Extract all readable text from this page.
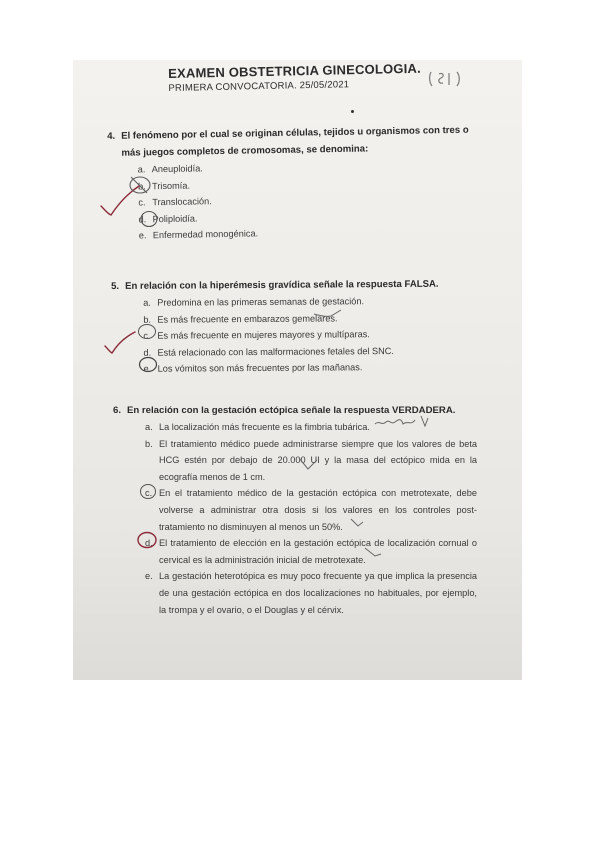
EXAMEN OBSTETRICIA GINECOLOGIA.
PRIMERA CONVOCATORIA. 25/05/2021
4. El fenómeno por el cual se originan células, tejidos u organismos con tres o
más juegos completos de cromosomas, se denomina:
a. Aneuploidía.
b. Trisomía.
c. Translocación.
d. Poliploidía.
e. Enfermedad monogénica.
5. En relación con la hiperémesis gravídica señale la respuesta FALSA.
a. Predomina en las primeras semanas de gestación.
b. Es más frecuente en embarazos gemelares.
c. Es más frecuente en mujeres mayores y multíparas.
d. Está relacionado con las malformaciones fetales del SNC.
e. Los vómitos son más frecuentes por las mañanas.
6. En relación con la gestación ectópica señale la respuesta VERDADERA.
a. La localización más frecuente es la fimbria tubárica.
b. El tratamiento médico puede administrarse siempre que los valores de beta HCG estén por debajo de 20.000 UI y la masa del ectópico mida en la ecografía menos de 1 cm.
c. En el tratamiento médico de la gestación ectópica con metrotexate, debe volverse a administrar otra dosis si los valores en los controles post-tratamiento no disminuyen al menos un 50%.
d. El tratamiento de elección en la gestación ectópica de localización cornual o cervical es la administración inicial de metrotexate.
e. La gestación heterotópica es muy poco frecuente ya que implica la presencia de una gestación ectópica en dos localizaciones no habituales, por ejemplo, la trompa y el ovario, o el Douglas y el cérvix.
